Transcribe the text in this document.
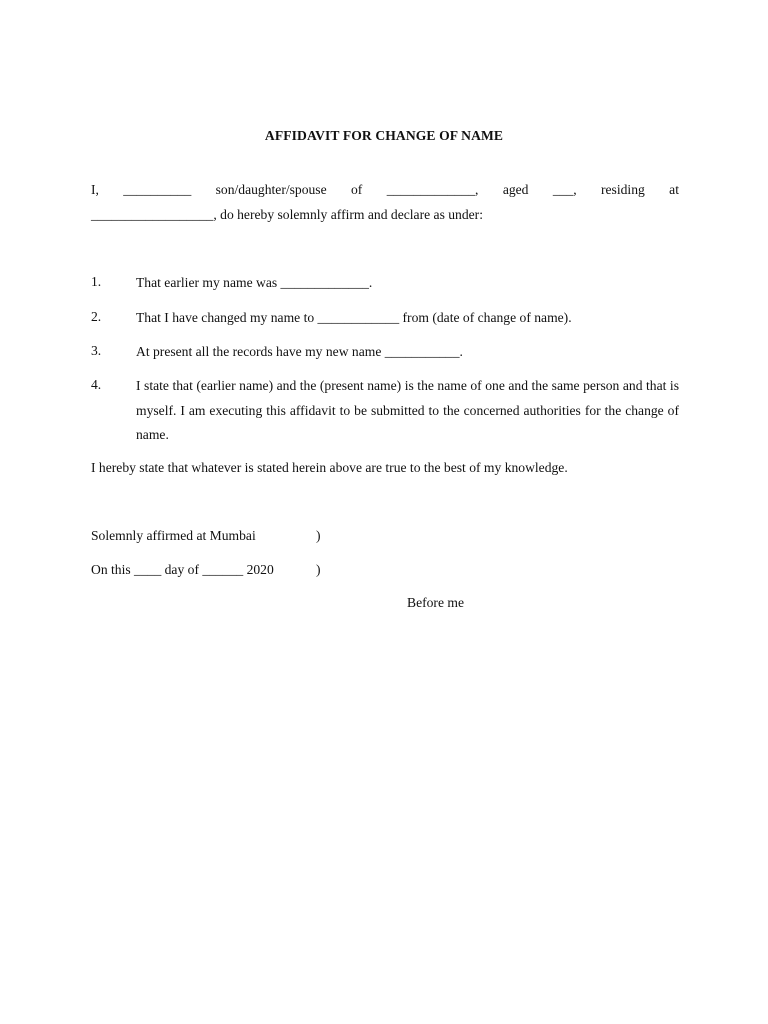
AFFIDAVIT FOR CHANGE OF NAME
I, __________ son/daughter/spouse of _____________, aged ___, residing at
__________________, do hereby solemnly affirm and declare as under:
1.	That earlier my name was _____________.
2.	That I have changed my name to ____________ from (date of change of name).
3.	At present all the records have my new name ___________.
4.	I state that (earlier name) and the (present name) is the name of one and the same person and that is myself. I am executing this affidavit to be submitted to the concerned authorities for the change of name.
I hereby state that whatever is stated herein above are true to the best of my knowledge.
Solemnly affirmed at Mumbai	)
On this ____ day of ______ 2020	)
Before me
